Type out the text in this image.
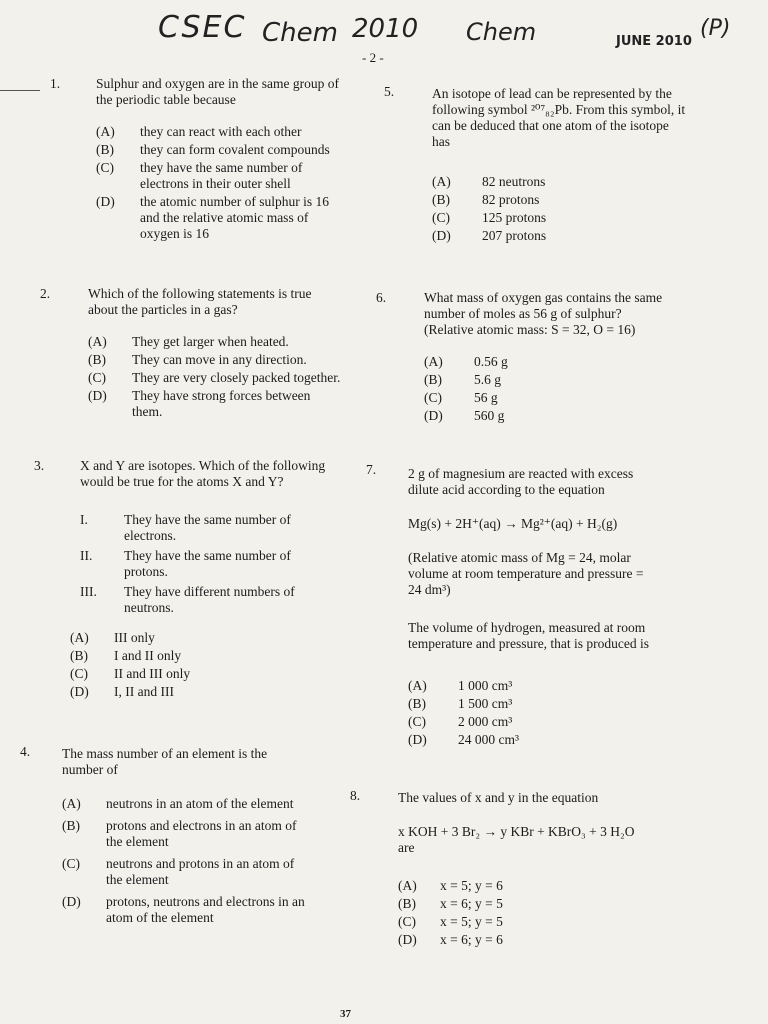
CSEC Chem 2010 Chem	JUNE 2010
(P)
- 2 -
1.	Sulphur and oxygen are in the same group of
the periodic table because
(A)	they can react with each other
(B)	they can form covalent compounds
(C)	they have the same number of
electrons in their outer shell
(D)	the atomic number of sulphur is 16
and the relative atomic mass of
oxygen is 16
2.	Which of the following statements is true
about the particles in a gas?
(A)	They get larger when heated.
(B)	They can move in any direction.
(C)	They are very closely packed together.
(D)	They have strong forces between
them.
3.	X and Y are isotopes. Which of the following
would be true for the atoms X and Y?
I.	They have the same number of
electrons.
II.	They have the same number of
protons.
III.	They have different numbers of
neutrons.
(A)	III only
(B)	I and II only
(C)	II and III only
(D)	I, II and III
4. The mass number of an element is the
number of
(A)	neutrons in an atom of the element
(B)	protons and electrons in an atom of
the element
(C)	neutrons and protons in an atom of
the element
(D)	protons, neutrons and electrons in an
atom of the element
5.	An isotope of lead can be represented by the
following symbol ²⁰⁷₈₂Pb. From this symbol, it
can be deduced that one atom of the isotope
has
(A)	82 neutrons
(B)	82 protons
(C)	125 protons
(D)	207 protons
6.	What mass of oxygen gas contains the same
number of moles as 56 g of sulphur?
(Relative atomic mass: S = 32, O = 16)
(A)	0.56 g
(B)	5.6 g
(C)	56 g
(D)	560 g
7. 2 g of magnesium are reacted with excess
dilute acid according to the equation
Mg(s) + 2H⁺(aq) → Mg²⁺(aq) + H₂(g)
(Relative atomic mass of Mg = 24, molar
volume at room temperature and pressure =
24 dm³)
The volume of hydrogen, measured at room
temperature and pressure, that is produced is
(A)	1 000 cm³
(B)	1 500 cm³
(C)	2 000 cm³
(D)	24 000 cm³
8.	The values of x and y in the equation
x KOH + 3 Br₂ → y KBr + KBrO₃ + 3 H₂O
are
(A)	x = 5; y = 6
(B)	x = 6; y = 5
(C)	x = 5; y = 5
(D)	x = 6; y = 6
37
